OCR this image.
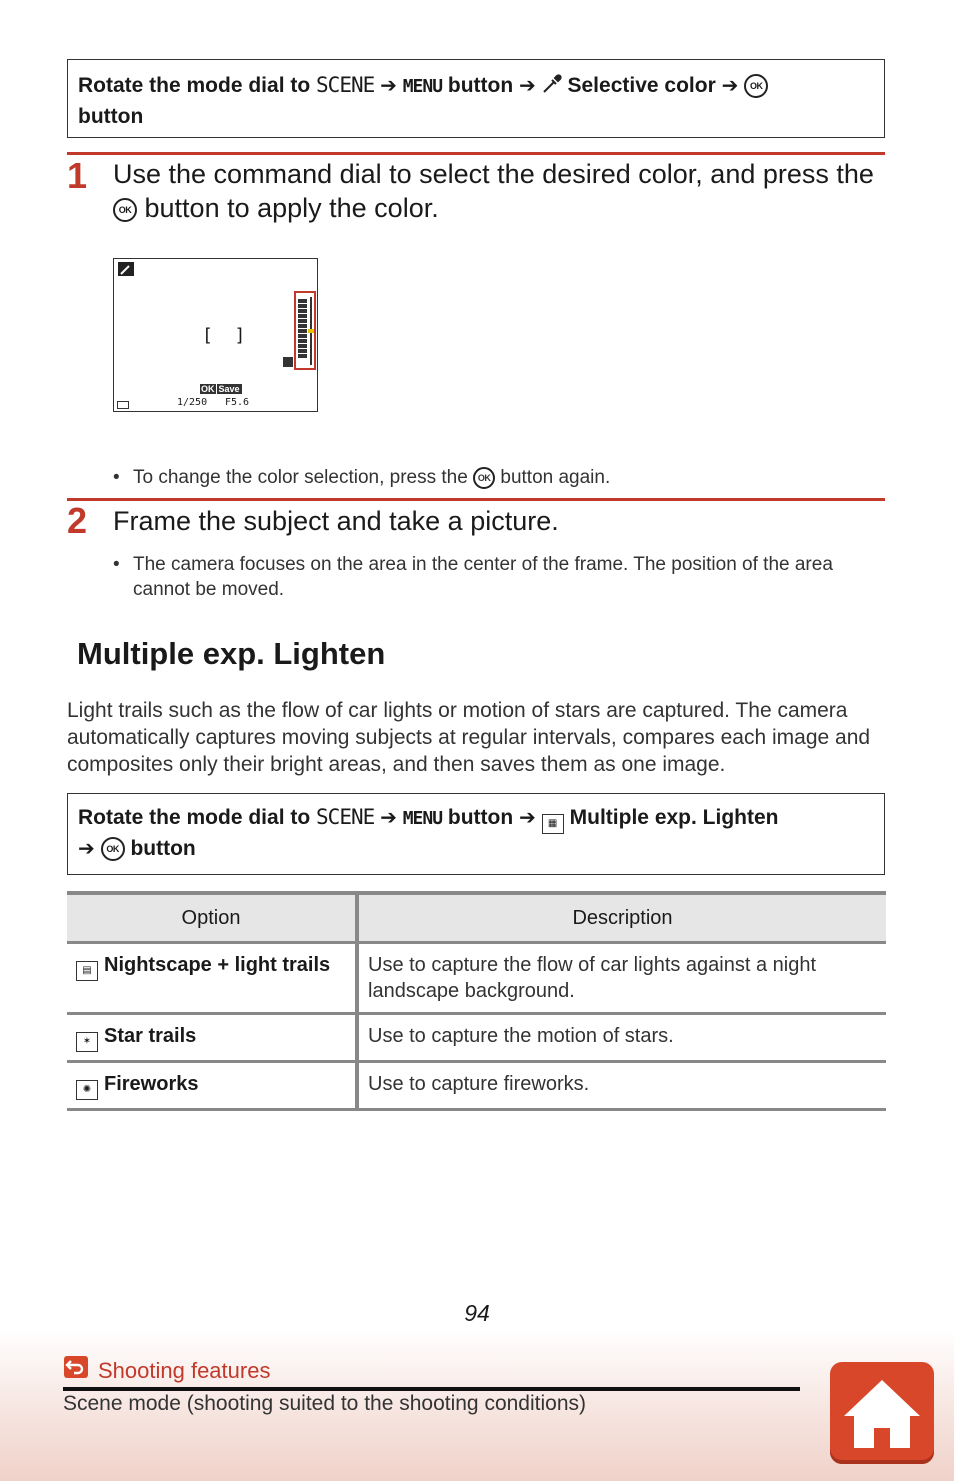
Rotate the mode dial to SCENE ➔ MENU button ➔ Selective color ➔ OK
button
1 Use the command dial to select the desired color, and press the
OK button to apply the color.
[  ]
OK Save
1/250 F5.6
• To change the color selection, press the OK button again.
2 Frame the subject and take a picture.
• The camera focuses on the area in the center of the frame. The position of the area cannot be moved.
Multiple exp. Lighten
Light trails such as the flow of car lights or motion of stars are captured. The camera automatically captures moving subjects at regular intervals, compares each image and composites only their bright areas, and then saves them as one image.
Rotate the mode dial to SCENE ➔ MENU button ➔ ▦ Multiple exp. Lighten
➔ OK button
Option	Description
▤ Nightscape + light trails	Use to capture the flow of car lights against a night landscape background.
✶ Star trails	Use to capture the motion of stars.
✺ Fireworks	Use to capture fireworks.
94
Shooting features
Scene mode (shooting suited to the shooting conditions)
